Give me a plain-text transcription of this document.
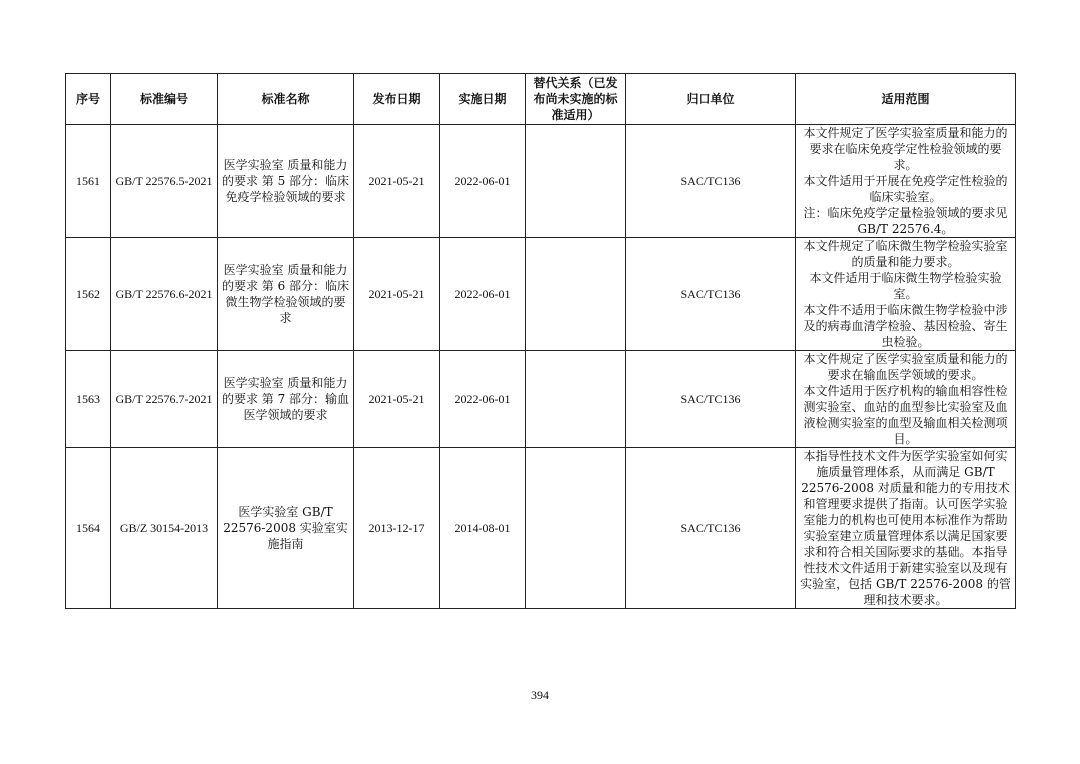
序号	标准编号	标准名称	发布日期	实施日期	替代关系（已发布尚未实施的标准适用）	归口单位	适用范围
1561	GB/T 22576.5-2021	医学实验室 质量和能力的要求 第 5 部分：临床免疫学检验领域的要求	2021-05-21	2022-06-01		SAC/TC136	本文件规定了医学实验室质量和能力的要求在临床免疫学定性检验领域的要求。

本文件适用于开展在免疫学定性检验的临床实验室。

注：临床免疫学定量检验领域的要求见 GB/T 22576.4。

1562	GB/T 22576.6-2021	医学实验室 质量和能力的要求 第 6 部分：临床微生物学检验领域的要求	2021-05-21	2022-06-01		SAC/TC136	本文件规定了临床微生物学检验实验室的质量和能力要求。

本文件适用于临床微生物学检验实验室。

本文件不适用于临床微生物学检验中涉及的病毒血清学检验、基因检验、寄生虫检验。

1563	GB/T 22576.7-2021	医学实验室 质量和能力的要求 第 7 部分：输血医学领域的要求	2021-05-21	2022-06-01		SAC/TC136	本文件规定了医学实验室质量和能力的要求在输血医学领域的要求。

本文件适用于医疗机构的输血相容性检测实验室、血站的血型参比实验室及血液检测实验室的血型及输血相关检测项目。

1564	GB/Z 30154-2013	医学实验室 GB/T 22576-2008 实验室实施指南	2013-12-17	2014-08-01		SAC/TC136	本指导性技术文件为医学实验室如何实施质量管理体系，从而满足 GB/T 22576-2008 对质量和能力的专用技术和管理要求提供了指南。认可医学实验室能力的机构也可使用本标准作为帮助实验室建立质量管理体系以满足国家要求和符合相关国际要求的基础。本指导性技术文件适用于新建实验室以及现有实验室，包括 GB/T 22576-2008 的管理和技术要求。

394
